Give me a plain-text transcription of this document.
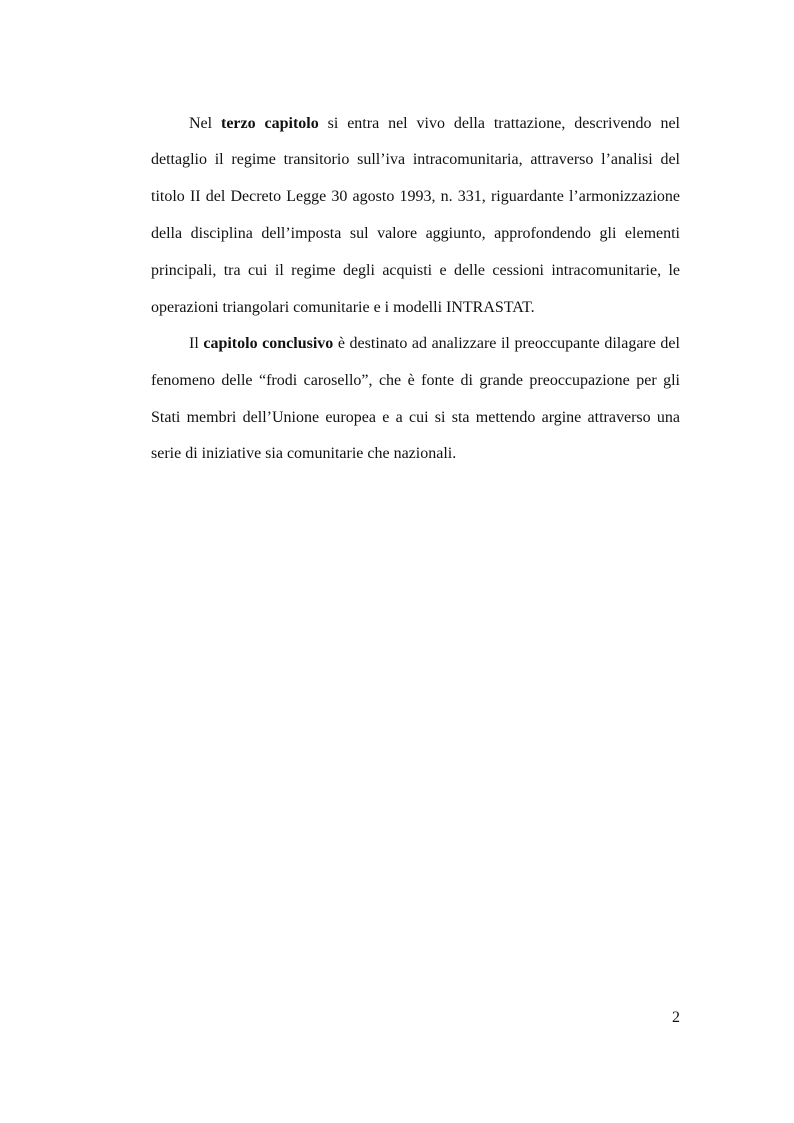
Nel terzo capitolo si entra nel vivo della trattazione, descrivendo nel
dettaglio il regime transitorio sull’iva intracomunitaria, attraverso l’analisi del
titolo II del Decreto Legge 30 agosto 1993, n. 331, riguardante l’armonizzazione
della disciplina dell’imposta sul valore aggiunto, approfondendo gli elementi
principali, tra cui il regime degli acquisti e delle cessioni intracomunitarie, le
operazioni triangolari comunitarie e i modelli INTRASTAT.
Il capitolo conclusivo è destinato ad analizzare il preoccupante dilagare del
fenomeno delle “frodi carosello”, che è fonte di grande preoccupazione per gli
Stati membri dell’Unione europea e a cui si sta mettendo argine attraverso una
serie di iniziative sia comunitarie che nazionali.
2
